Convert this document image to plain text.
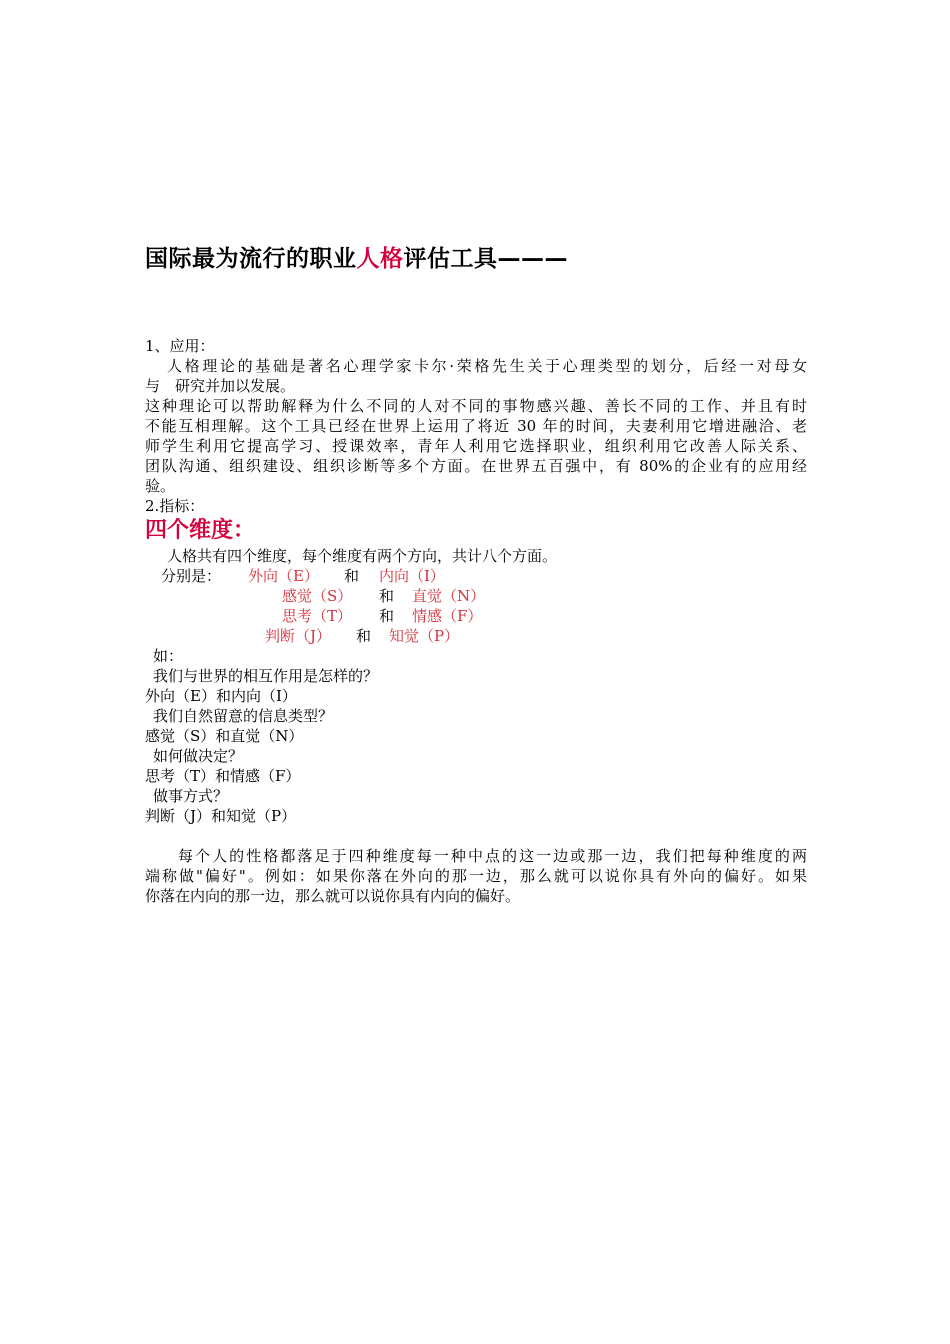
国际最为流行的职业人格评估工具———
1、应用：
人格理论的基础是著名心理学家卡尔·荣格先生关于心理类型的划分，后经一对母女
与　研究并加以发展。
这种理论可以帮助解释为什么不同的人对不同的事物感兴趣、善长不同的工作、并且有时
不能互相理解。这个工具已经在世界上运用了将近 30 年的时间，夫妻利用它增进融洽、老
师学生利用它提高学习、授课效率，青年人利用它选择职业，组织利用它改善人际关系、
团队沟通、组织建设、组织诊断等多个方面。在世界五百强中，有 80%的企业有的应用经
验。
2.指标：
四个维度：
人格共有四个维度，每个维度有两个方向，共计八个方面。
分别是： 外向（E） 和 内向（I）
感觉（S） 和 直觉（N）
思考（T） 和 情感（F）
判断（J） 和 知觉（P）
如：
我们与世界的相互作用是怎样的？
外向（E）和内向（I）
我们自然留意的信息类型？
感觉（S）和直觉（N）
如何做决定？
思考（T）和情感（F）
做事方式？
判断（J）和知觉（P）
每个人的性格都落足于四种维度每一种中点的这一边或那一边，我们把每种维度的两
端称做"偏好"。例如：如果你落在外向的那一边，那么就可以说你具有外向的偏好。如果
你落在内向的那一边，那么就可以说你具有内向的偏好。
